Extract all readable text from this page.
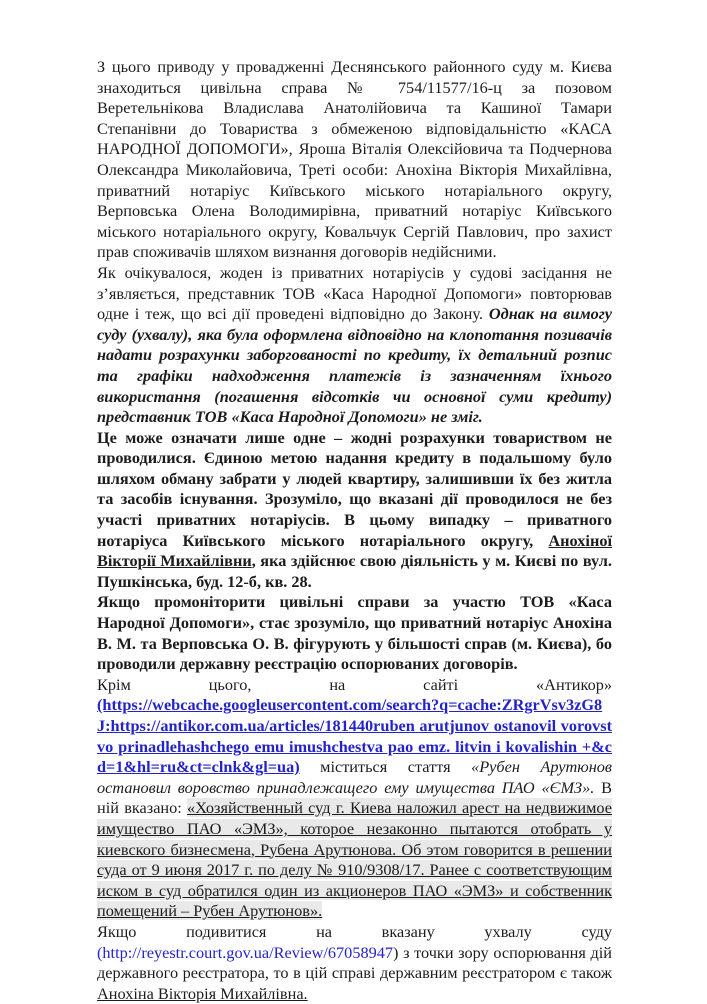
З цього приводу у провадженні Деснянського районного суду м. Києва знаходиться цивільна справа № 754/11577/16-ц за позовом Веретельнікова Владислава Анатолійовича та Кашиної Тамари Степанівни до Товариства з обмеженою відповідальністю «КАСА НАРОДНОЇ ДОПОМОГИ», Яроша Віталія Олексійовича та Подчернова Олександра Миколайовича, Треті особи: Анохіна Вікторія Михайлівна, приватний нотаріус Київського міського нотаріального округу, Верповська Олена Володимирівна, приватний нотаріус Київського міського нотаріального округу, Ковальчук Сергій Павлович, про захист прав споживачів шляхом визнання договорів недійсними.

Як очікувалося, жоден із приватних нотаріусів у судові засідання не з’являється, представник ТОВ «Каса Народної Допомоги» повторював одне і теж, що всі дії проведені відповідно до Закону. Однак на вимогу суду (ухвалу), яка була оформлена відповідно на клопотання позивачів надати розрахунки заборгованості по кредиту, їх детальний розпис та графіки надходження платежів із зазначенням їхнього використання (погашення відсотків чи основної суми кредиту) представник ТОВ «Каса Народної Допомоги» не зміг.

Це може означати лише одне – жодні розрахунки товариством не проводилися. Єдиною метою надання кредиту в подальшому було шляхом обману забрати у людей квартиру, залишивши їх без житла та засобів існування. Зрозуміло, що вказані дії проводилося не без участі приватних нотаріусів. В цьому випадку – приватного нотаріуса Київського міського нотаріального округу, Анохіної Вікторії Михайлівни, яка здійснює свою діяльність у м. Києві по вул. Пушкінська, буд. 12-б, кв. 28.

Якщо промоніторити цивільні справи за участю ТОВ «Каса Народної Допомоги», стає зрозуміло, що приватний нотаріус Анохіна В. М. та Верповська О. В. фігурують у більшості справ (м. Києва), бо проводили державну реєстрацію оспорюваних договорів.

Крім цього, на сайті «Антикор»(https://webcache.googleusercontent.com/search?q=cache:ZRgrVsv3zG8J:https://antikor.com.ua/articles/181440ruben arutjunov ostanovil vorovstvo prinadlehashchego emu imushchestva pao emz. litvin i kovalishin +&cd=1&hl=ru&ct=clnk&gl=ua) міститься стаття «Рубен Арутюнов остановил воровство принадлежащего ему имущества ПАО «ЄМЗ». В ній вказано: «Хозяйственный суд г. Киева наложил арест на недвижимое имущество ПАО «ЭМЗ», которое незаконно пытаются отобрать у киевского бизнесмена, Рубена Арутюнова. Об этом говорится в решении суда от 9 июня 2017 г. по делу № 910/9308/17. Ранее с соответствующим иском в суд обратился один из акционеров ПАО «ЭМЗ» и собственник помещений – Рубен Арутюнов».

Якщо подивитися на вказану ухвалу суду (http://reyestr.court.gov.ua/Review/67058947) з точки зору оспорювання дій державного реєстратора, то в цій справі державним реєстратором є також Анохіна Вікторія Михайлівна.
